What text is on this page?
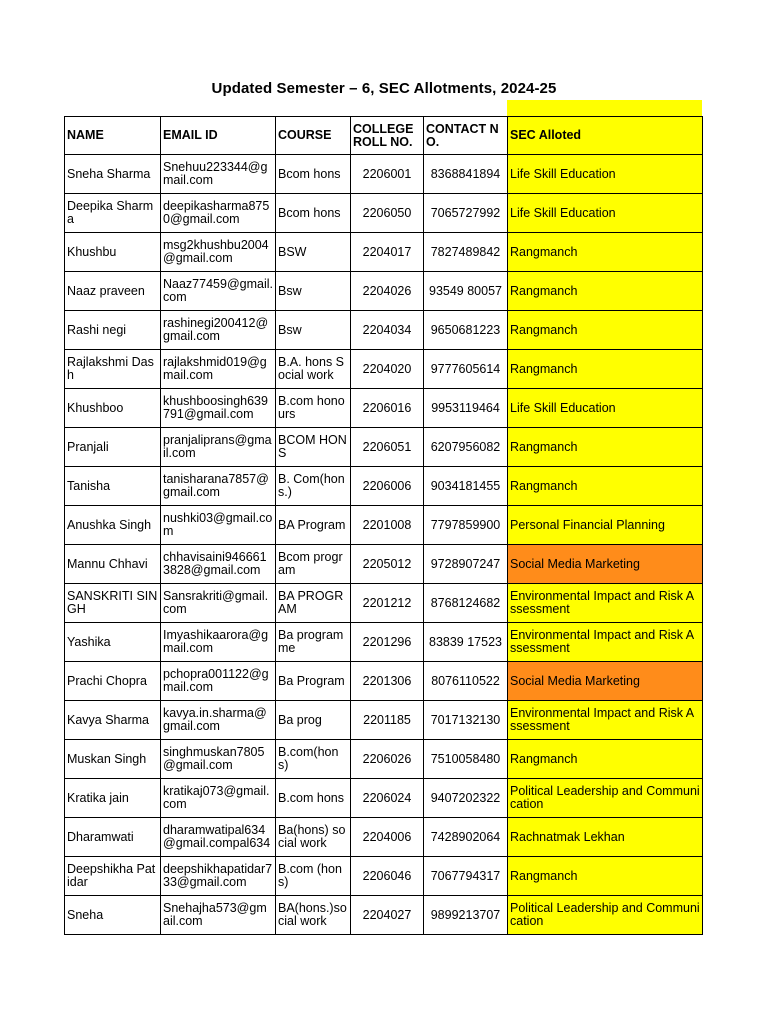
Updated Semester – 6, SEC Allotments, 2024-25
NAME	EMAIL ID	COURSE	COLLEGE ROLL NO.	CONTACT NO.	SEC Alloted
Sneha Sharma	Snehuu223344@gmail.com	Bcom hons	2206001	8368841894	Life Skill Education
Deepika Sharma	deepikasharma8750@gmail.com	Bcom hons	2206050	7065727992	Life Skill Education
Khushbu	msg2khushbu2004@gmail.com	BSW	2204017	7827489842	Rangmanch
Naaz praveen	Naaz77459@gmail.com	Bsw	2204026	93549 80057	Rangmanch
Rashi negi	rashinegi200412@gmail.com	Bsw	2204034	9650681223	Rangmanch
Rajlakshmi Dash	rajlakshmid019@gmail.com	B.A. hons Social work	2204020	9777605614	Rangmanch
Khushboo	khushboosingh639791@gmail.com	B.com honours	2206016	9953119464	Life Skill Education
Pranjali	pranjaliprans@gmail.com	BCOM HONS	2206051	6207956082	Rangmanch
Tanisha	tanisharana7857@gmail.com	B. Com(hons.)	2206006	9034181455	Rangmanch
Anushka Singh	nushki03@gmail.com	BA Program	2201008	7797859900	Personal Financial Planning
Mannu Chhavi	chhavisaini9466613828@gmail.com	Bcom program	2205012	9728907247	Social Media Marketing
SANSKRITI SINGH	Sansrakriti@gmail.com	BA PROGRAM	2201212	8768124682	Environmental Impact and Risk Assessment
Yashika	Imyashikaarora@gmail.com	Ba programme	2201296	83839 17523	Environmental Impact and Risk Assessment
Prachi Chopra	pchopra001122@gmail.com	Ba Program	2201306	8076110522	Social Media Marketing
Kavya Sharma	kavya.in.sharma@gmail.com	Ba prog	2201185	7017132130	Environmental Impact and Risk Assessment
Muskan Singh	singhmuskan7805@gmail.com	B.com(hons)	2206026	7510058480	Rangmanch
Kratika jain	kratikaj073@gmail.com	B.com hons	2206024	9407202322	Political Leadership and Communication
Dharamwati	dharamwatipal634@gmail.compal634	Ba(hons) social work	2204006	7428902064	Rachnatmak Lekhan
Deepshikha Patidar	deepshikhapatidar733@gmail.com	B.com (hons)	2206046	7067794317	Rangmanch
Sneha	Snehajha573@gmail.com	BA(hons.)social work	2204027	9899213707	Political Leadership and Communication
